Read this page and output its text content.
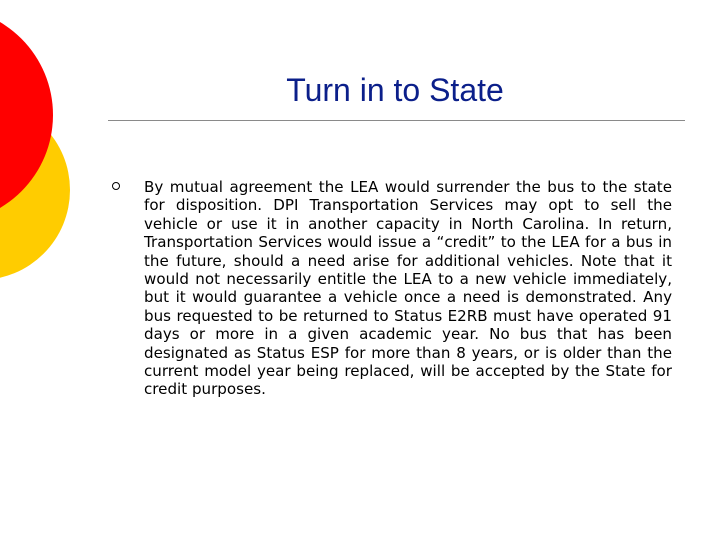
Turn in to State

By mutual agreement the LEA would surrender the bus to the state for disposition. DPI Transportation Services may opt to sell the vehicle or use it in another capacity in North Carolina. In return, Transportation Services would issue a “credit” to the LEA for a bus in the future, should a need arise for additional vehicles. Note that it would not necessarily entitle the LEA to a new vehicle immediately, but it would guarantee a vehicle once a need is demonstrated. Any bus requested to be returned to Status E2RB must have operated 91 days or more in a given academic year. No bus that has been designated as Status ESP for more than 8 years, or is older than the current model year being replaced, will be accepted by the State for credit purposes.
